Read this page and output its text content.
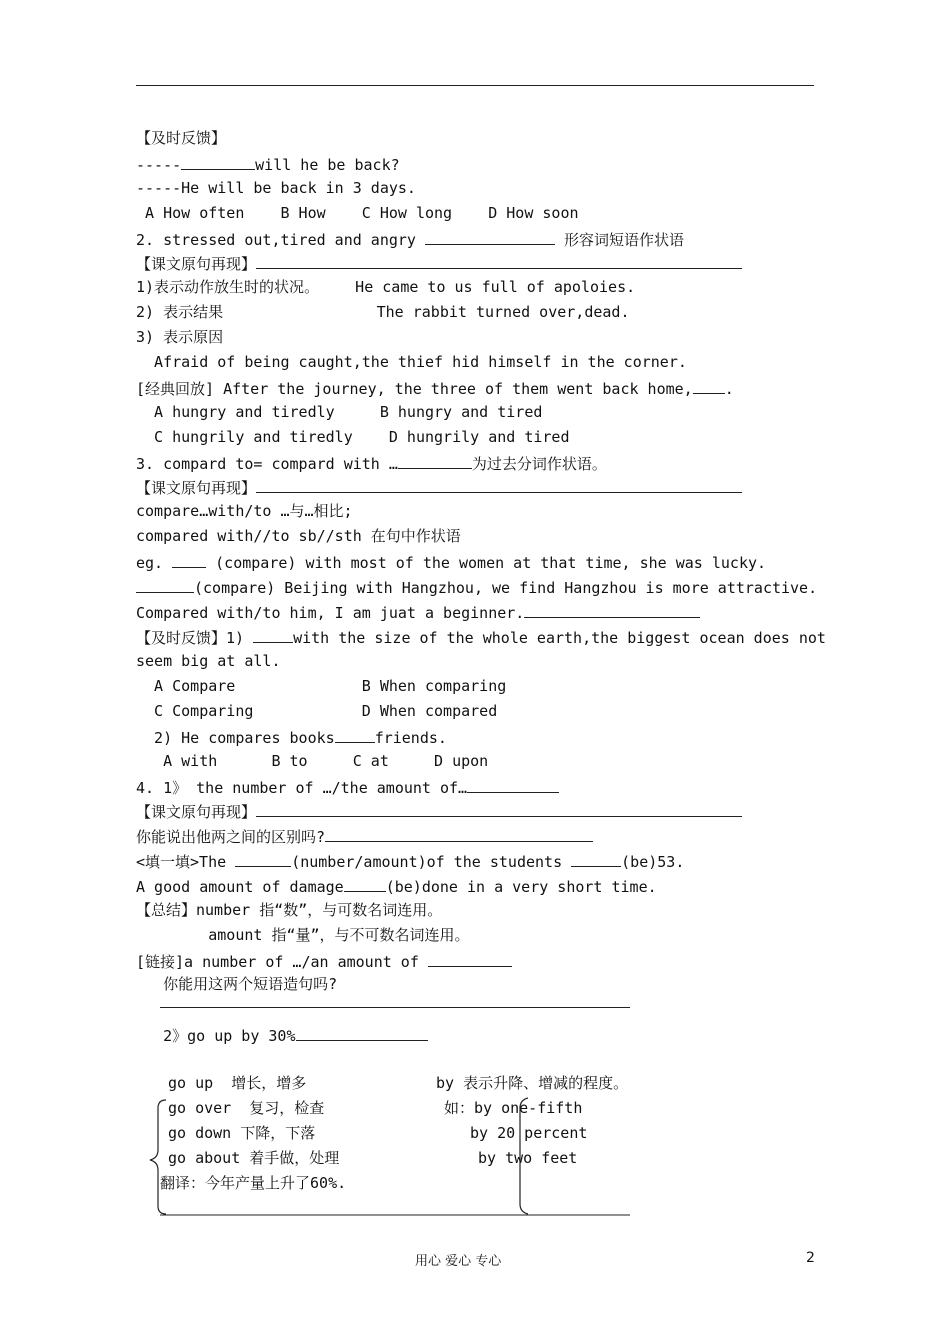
【及时反馈】
-----	will he be back?
-----He will be back in 3 days.
A How often    B How    C How long    D How soon
2. stressed out,tired and angry	形容词短语作状语
【课文原句再现】
1)表示动作放生时的状况。    He came to us full of apoloies.
2) 表示结果                 The rabbit turned over,dead.
3) 表示原因
Afraid of being caught,the thief hid himself in the corner.
[经典回放] After the journey, the three of them went back home, .
A hungry and tiredly     B hungry and tired
C hungrily and tiredly    D hungrily and tired
3. compard to= compard with …	为过去分词作状语。
【课文原句再现】
compare…with/to …与…相比;
compared with//to sb//sth 在句中作状语
eg.  (compare) with most of the women at that time, she was lucky.
(compare) Beijing with Hangzhou, we find Hangzhou is more attractive.
Compared with/to him, I am juat a beginner.
【及时反馈】1)	with the size of the whole earth,the biggest ocean does not
seem big at all.
A Compare              B When comparing
C Comparing            D When compared
2) He compares books	friends.
A with      B to     C at     D upon
4. 1》 the number of …/the amount of…
【课文原句再现】
你能说出他两之间的区别吗?
<填一填>The	(number/amount)of the students	(be)53.
A good amount of damage	(be)done in a very short time.
【总结】number 指“数”，与可数名词连用。
amount 指“量”，与不可数名词连用。
[链接]a number of …/an amount of
你能用这两个短语造句吗?
2》go up by 30%
go up  增长，增多	by 表示升降、增减的程度。
go over  复习，检查	如：by one-fifth
go down 下降，下落	by 20 percent
go about 着手做，处理	by two feet
翻译：今年产量上升了60%.
用心 爱心 专心	2
